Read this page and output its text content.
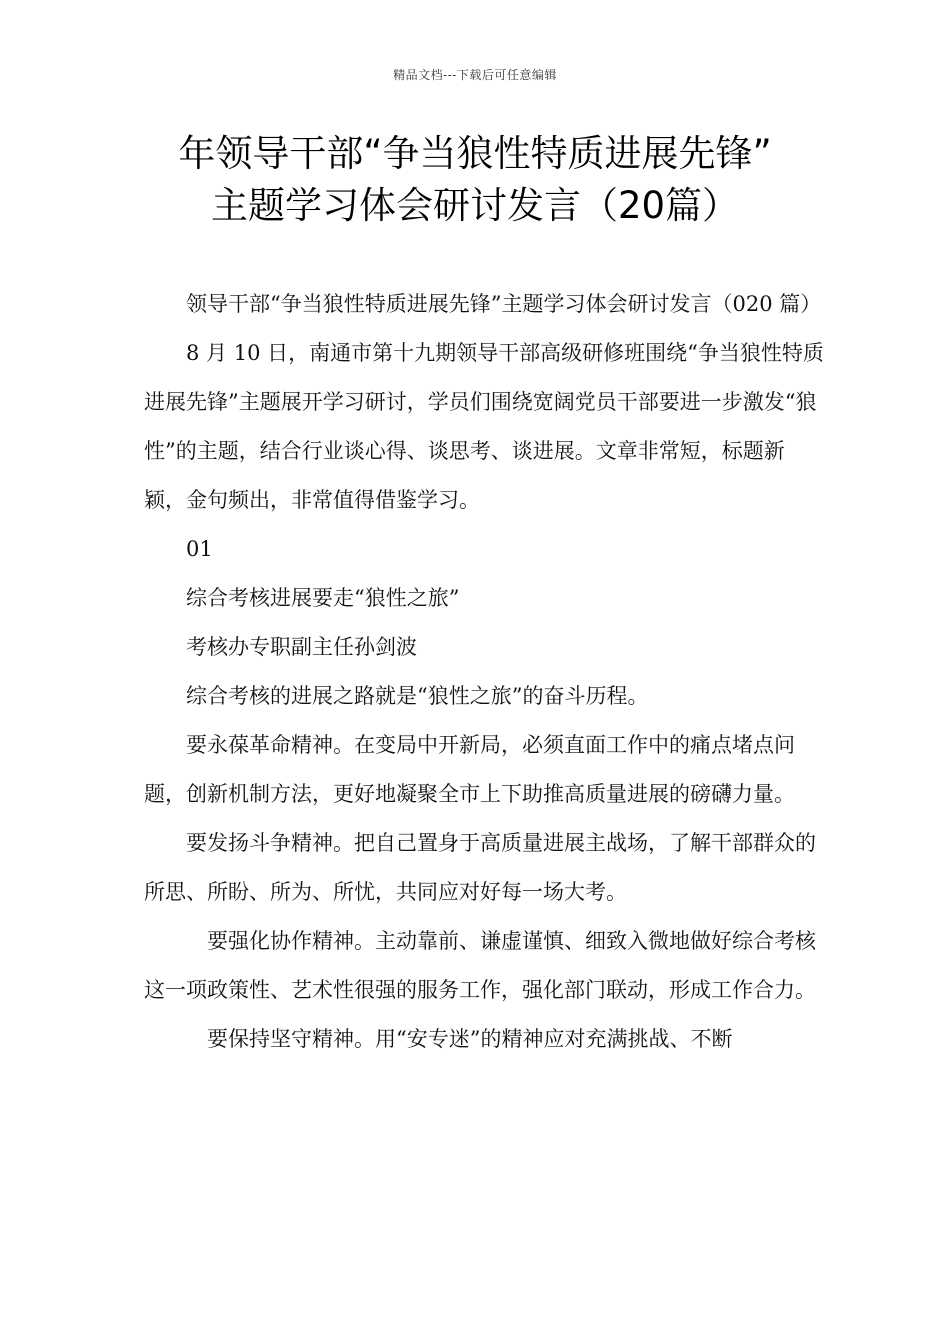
精品文档---下载后可任意编辑
年领导干部“争当狼性特质进展先锋”
主题学习体会研讨发言（20篇）

领导干部“争当狼性特质进展先锋”主题学习体会研讨发言（020 篇）

8 月 10 日，南通市第十九期领导干部高级研修班围绕“争当狼性特质进展先锋”主题展开学习研讨，学员们围绕宽阔党员干部要进一步激发“狼性”的主题，结合行业谈心得、谈思考、谈进展。文章非常短，标题新颖，金句频出，非常值得借鉴学习。

01

综合考核进展要走“狼性之旅”

考核办专职副主任孙剑波

综合考核的进展之路就是“狼性之旅”的奋斗历程。

要永葆革命精神。在变局中开新局，必须直面工作中的痛点堵点问题，创新机制方法，更好地凝聚全市上下助推高质量进展的磅礴力量。

要发扬斗争精神。把自己置身于高质量进展主战场，了解干部群众的所思、所盼、所为、所忧，共同应对好每一场大考。

要强化协作精神。主动靠前、谦虚谨慎、细致入微地做好综合考核这一项政策性、艺术性很强的服务工作，强化部门联动，形成工作合力。

要保持坚守精神。用“安专迷”的精神应对充满挑战、不断
